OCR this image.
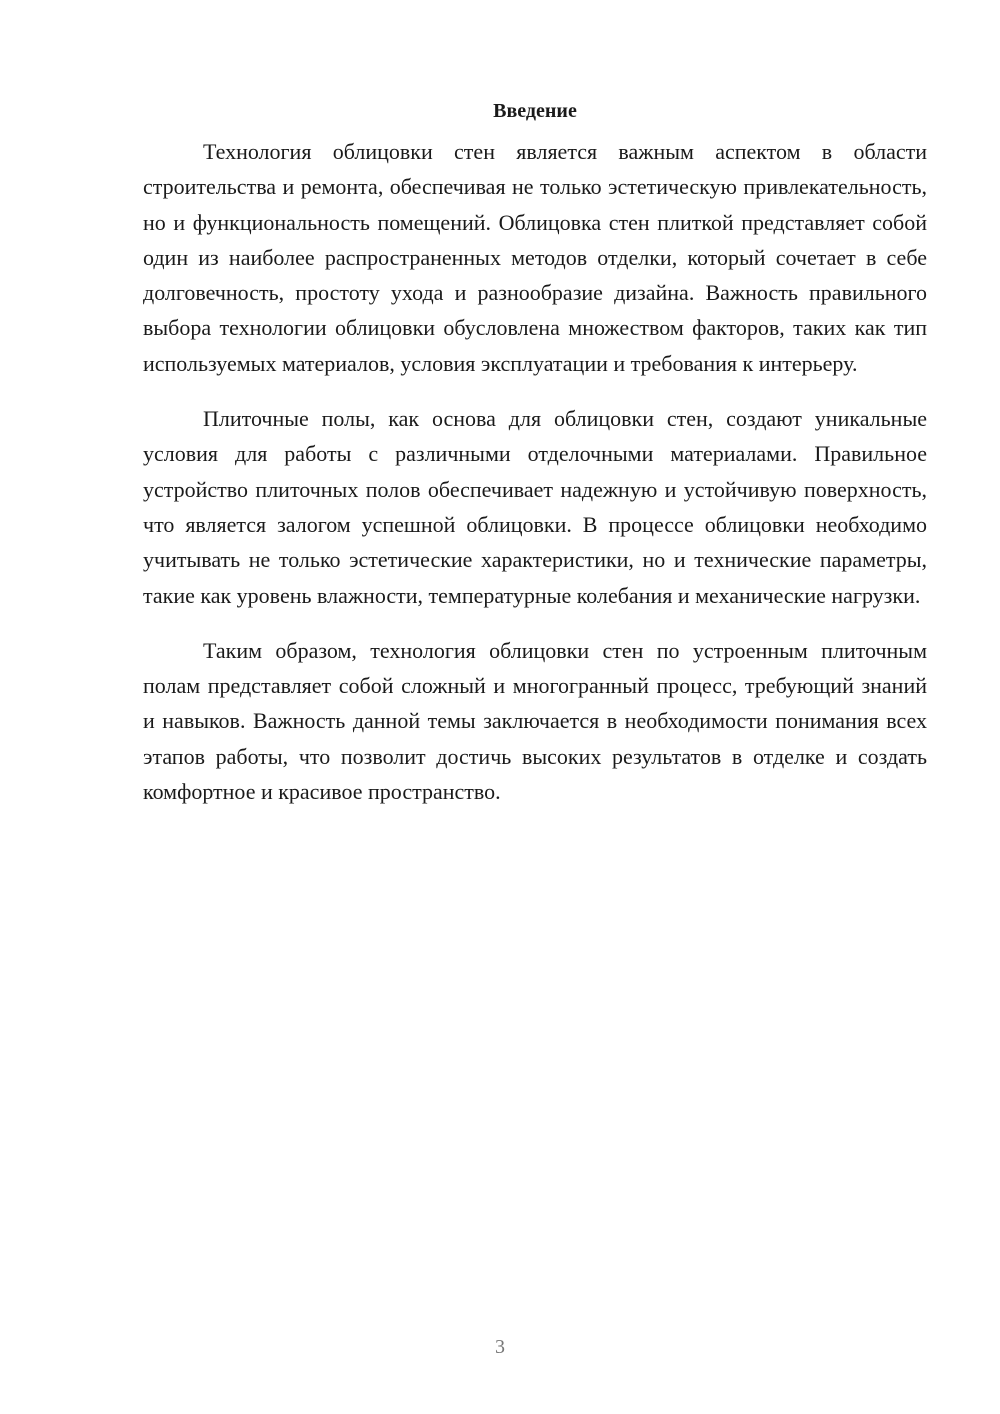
Введение

Технология облицовки стен является важным аспектом в области строительства и ремонта, обеспечивая не только эстетическую привлекательность, но и функциональность помещений. Облицовка стен плиткой представляет собой один из наиболее распространенных методов отделки, который сочетает в себе долговечность, простоту ухода и разнообразие дизайна. Важность правильного выбора технологии облицовки обусловлена множеством факторов, таких как тип используемых материалов, условия эксплуатации и требования к интерьеру.

Плиточные полы, как основа для облицовки стен, создают уникальные условия для работы с различными отделочными материалами. Правильное устройство плиточных полов обеспечивает надежную и устойчивую поверхность, что является залогом успешной облицовки. В процессе облицовки необходимо учитывать не только эстетические характеристики, но и технические параметры, такие как уровень влажности, температурные колебания и механические нагрузки.

Таким образом, технология облицовки стен по устроенным плиточным полам представляет собой сложный и многогранный процесс, требующий знаний и навыков. Важность данной темы заключается в необходимости понимания всех этапов работы, что позволит достичь высоких результатов в отделке и создать комфортное и красивое пространство.

3
